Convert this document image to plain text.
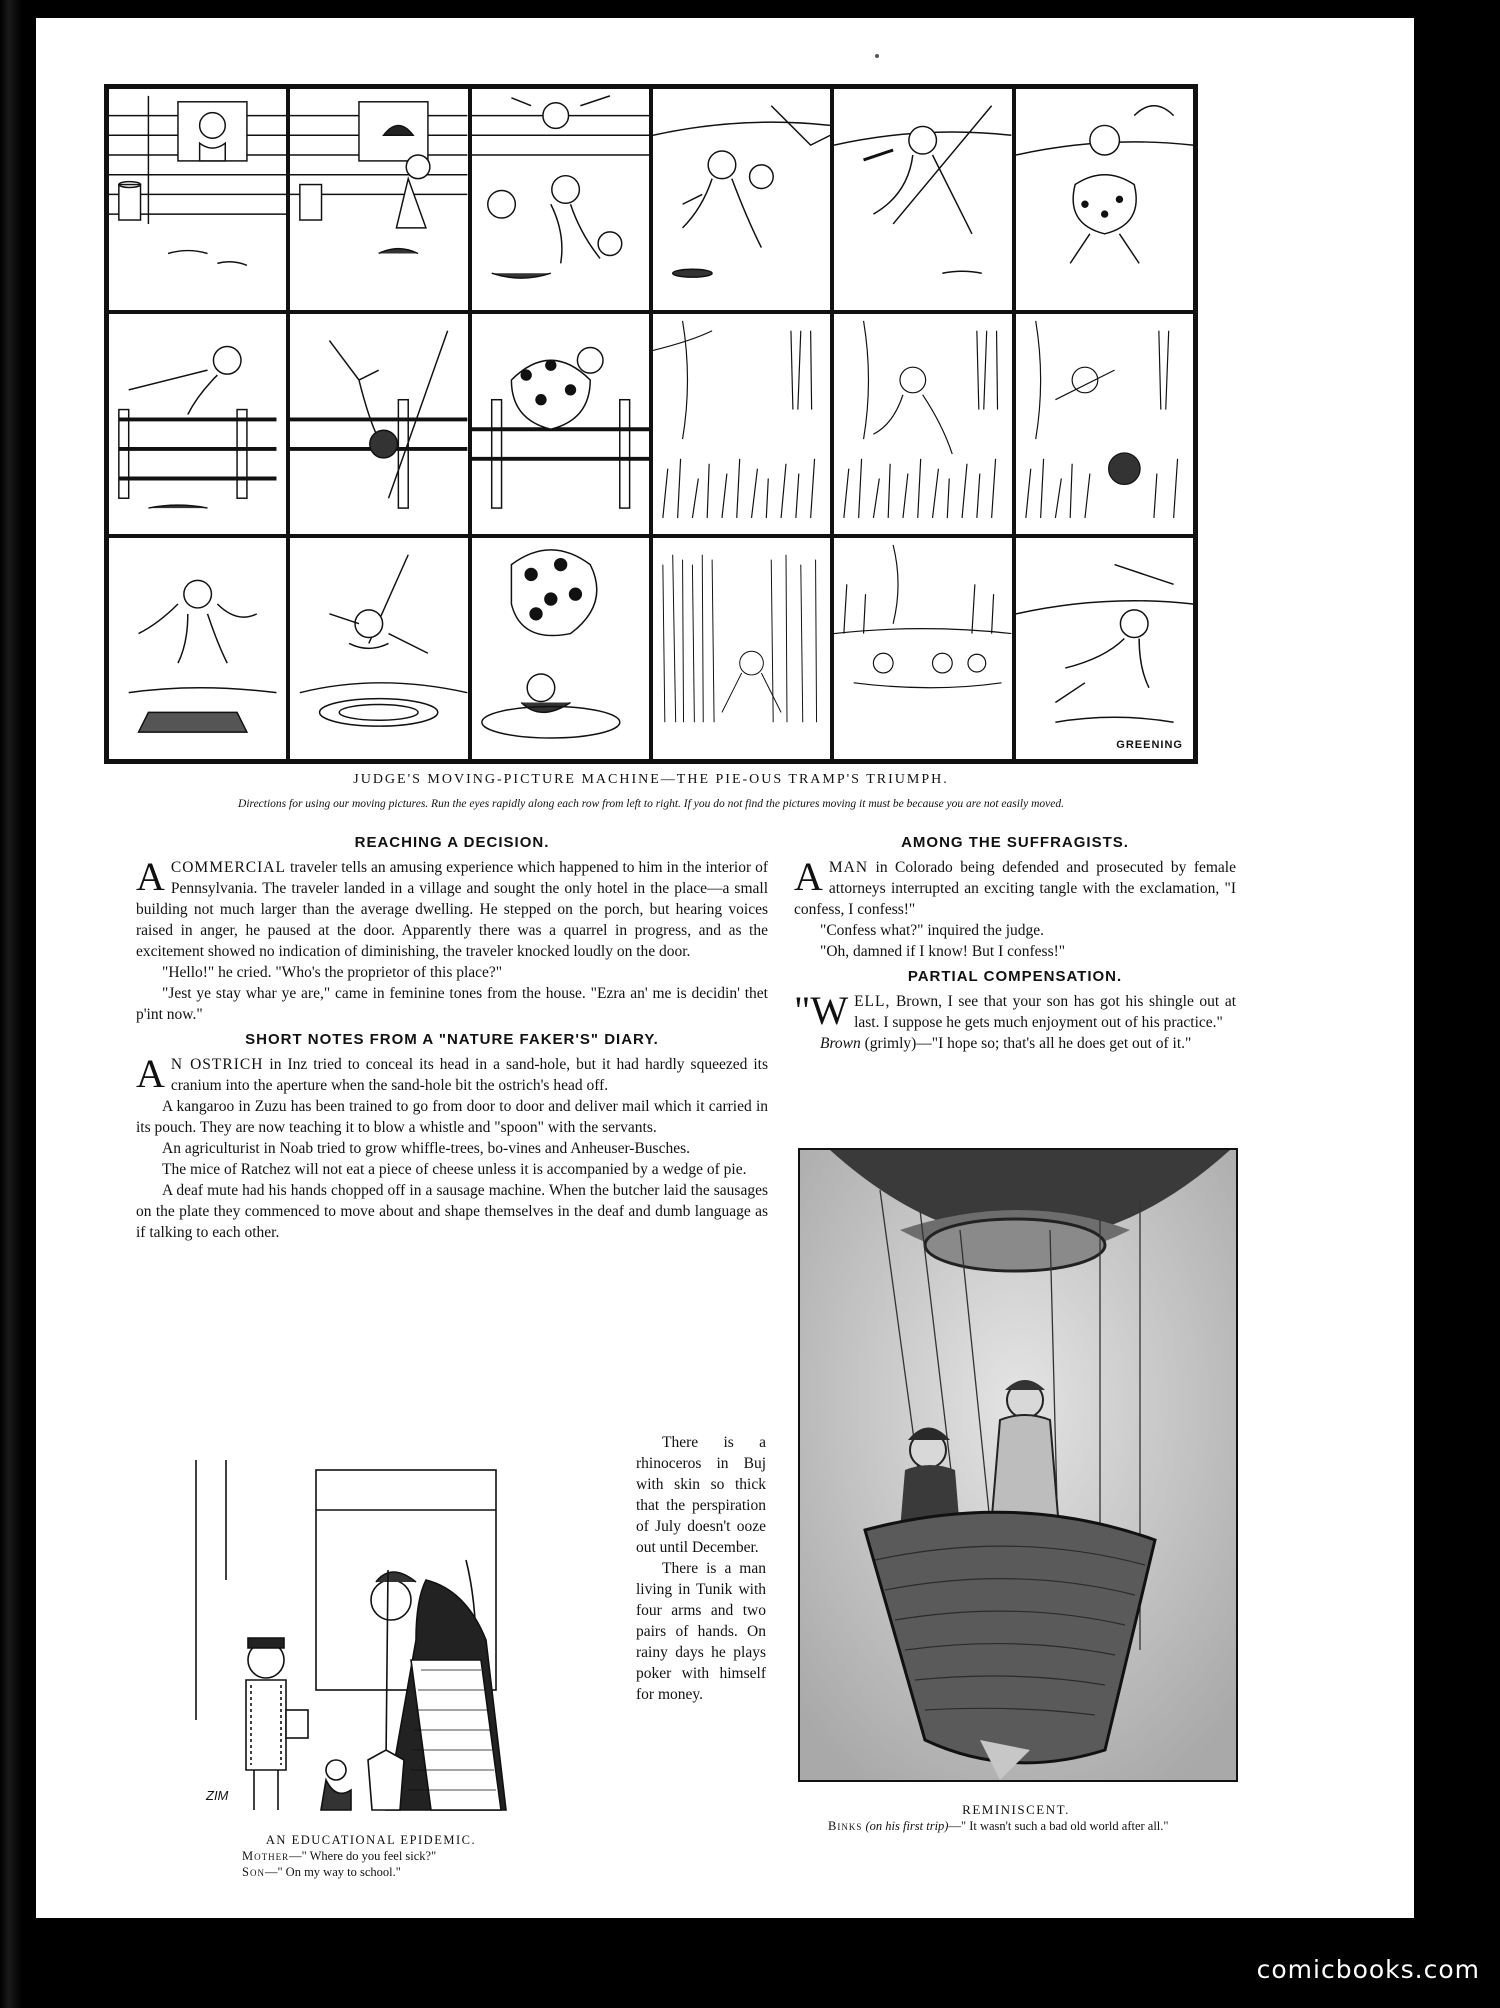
GREENING
JUDGE'S MOVING-PICTURE MACHINE—THE PIE-OUS TRAMP'S TRIUMPH.
Directions for using our moving pictures. Run the eyes rapidly along each row from left to right. If you do not find the pictures moving it must be because you are not easily moved.
REACHING A DECISION.

ACOMMERCIAL traveler tells an amusing experience which happened to him in the interior of Pennsylvania. The traveler landed in a village and sought the only hotel in the place—a small building not much larger than the average dwelling. He stepped on the porch, but hearing voices raised in anger, he paused at the door. Apparently there was a quarrel in progress, and as the excitement showed no indication of diminishing, the traveler knocked loudly on the door.

"Hello!" he cried. "Who's the proprietor of this place?"

"Jest ye stay whar ye are," came in feminine tones from the house. "Ezra an' me is decidin' thet p'int now."

SHORT NOTES FROM A "NATURE FAKER'S" DIARY.

A N OSTRICH in Inz tried to conceal its head in a sand-hole, but it had hardly squeezed its cranium into the aperture when the sand-hole bit the ostrich's head off.

A kangaroo in Zuzu has been trained to go from door to door and deliver mail which it carried in its pouch. They are now teaching it to blow a whistle and "spoon" with the servants.

An agriculturist in Noab tried to grow whiffle-trees, bo-vines and Anheuser-Busches.

The mice of Ratchez will not eat a piece of cheese unless it is accompanied by a wedge of pie.

A deaf mute had his hands chopped off in a sausage machine. When the butcher laid the sausages on the plate they commenced to move about and shape themselves in the deaf and dumb language as if talking to each other.

ZIM
AN EDUCATIONAL EPIDEMIC.
Mother—" Where do you feel sick?"
Son—" On my way to school."

There is a rhinoceros in Buj with skin so thick that the perspiration of July doesn't ooze out until December.

There is a man living in Tunik with four arms and two pairs of hands. On rainy days he plays poker with himself for money.

AMONG THE SUFFRAGISTS.

AMAN in Colorado being defended and prosecuted by female attorneys interrupted an exciting tangle with the exclamation, "I confess, I confess!"

"Confess what?" inquired the judge.

"Oh, damned if I know! But I confess!"

PARTIAL COMPENSATION.

"WELL, Brown, I see that your son has got his shingle out at last. I suppose he gets much enjoyment out of his practice."

Brown (grimly)—"I hope so; that's all he does get out of it."

REMINISCENT.
Binks (on his first trip)—" It wasn't such a bad old world after all."
comicbooks.com
